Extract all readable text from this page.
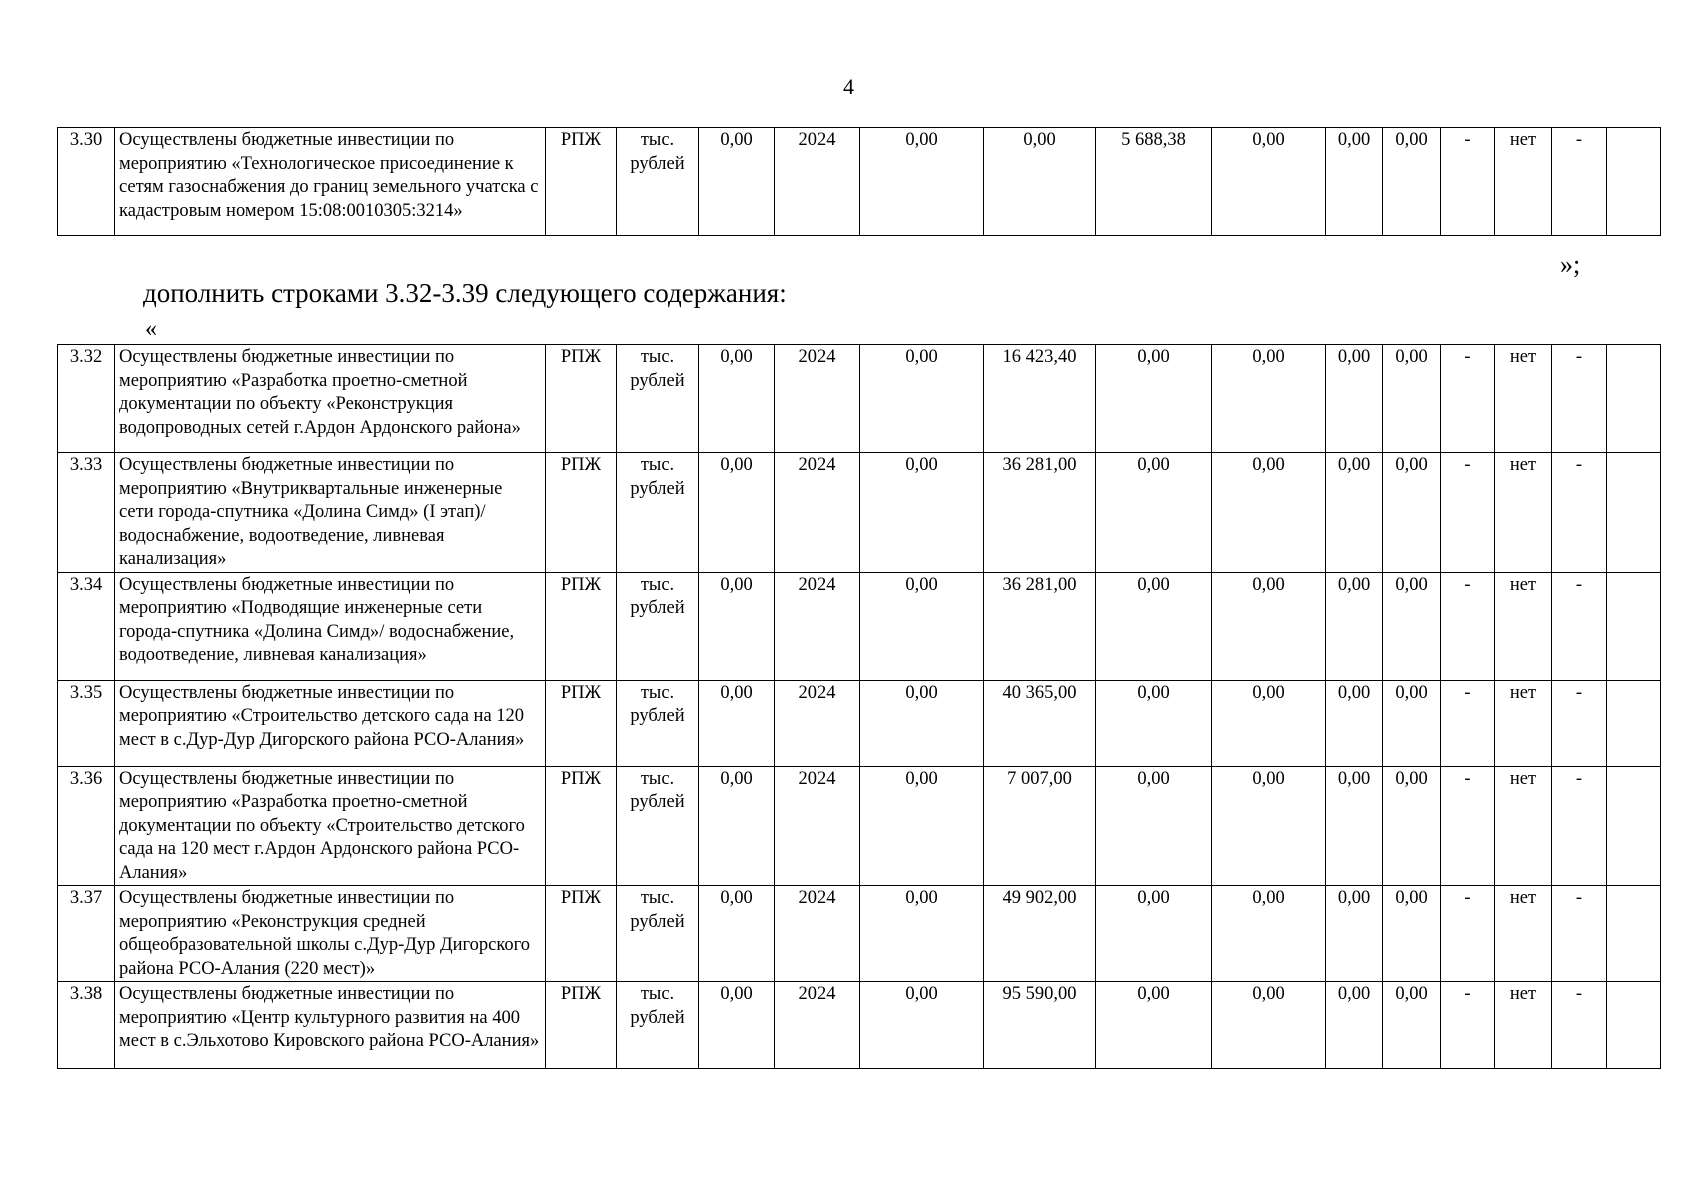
4
3.30	Осуществлены бюджетные инвестиции по мероприятию «Технологическое присоединение к сетям газоснабжения до границ земельного учатска с кадастровым номером 15:08:0010305:3214»	РПЖ	тыс. рублей	0,00	2024	0,00	0,00	5 688,38	0,00	0,00	0,00	-	нет	-	
»;
дополнить строками 3.32-3.39 следующего содержания:
«
3.32	Осуществлены бюджетные инвестиции по мероприятию «Разработка проетно-сметной документации по объекту «Реконструкция водопроводных сетей г.Ардон Ардонского района»	РПЖ	тыс. рублей	0,00	2024	0,00	16 423,40	0,00	0,00	0,00	0,00	-	нет	-	
3.33	Осуществлены бюджетные инвестиции по мероприятию «Внутриквартальные инженерные сети города-спутника «Долина Симд» (I этап)/водоснабжение, водоотведение, ливневая канализация»	РПЖ	тыс. рублей	0,00	2024	0,00	36 281,00	0,00	0,00	0,00	0,00	-	нет	-	
3.34	Осуществлены бюджетные инвестиции по мероприятию «Подводящие инженерные сети города-спутника «Долина Симд»/ водоснабжение, водоотведение, ливневая канализация»	РПЖ	тыс. рублей	0,00	2024	0,00	36 281,00	0,00	0,00	0,00	0,00	-	нет	-	
3.35	Осуществлены бюджетные инвестиции по мероприятию «Строительство детского сада на 120 мест в с.Дур-Дур Дигорского района РСО-Алания»	РПЖ	тыс. рублей	0,00	2024	0,00	40 365,00	0,00	0,00	0,00	0,00	-	нет	-	
3.36	Осуществлены бюджетные инвестиции по мероприятию «Разработка проетно-сметной документации по объекту «Строительство детского сада на 120 мест г.Ардон Ардонского района РСО-Алания»	РПЖ	тыс. рублей	0,00	2024	0,00	7 007,00	0,00	0,00	0,00	0,00	-	нет	-	
3.37	Осуществлены бюджетные инвестиции по мероприятию «Реконструкция средней общеобразовательной школы с.Дур-Дур Дигорского района РСО-Алания (220 мест)»	РПЖ	тыс. рублей	0,00	2024	0,00	49 902,00	0,00	0,00	0,00	0,00	-	нет	-	
3.38	Осуществлены бюджетные инвестиции по мероприятию «Центр культурного развития на 400 мест в с.Эльхотово Кировского района РСО-Алания»	РПЖ	тыс. рублей	0,00	2024	0,00	95 590,00	0,00	0,00	0,00	0,00	-	нет	-	
